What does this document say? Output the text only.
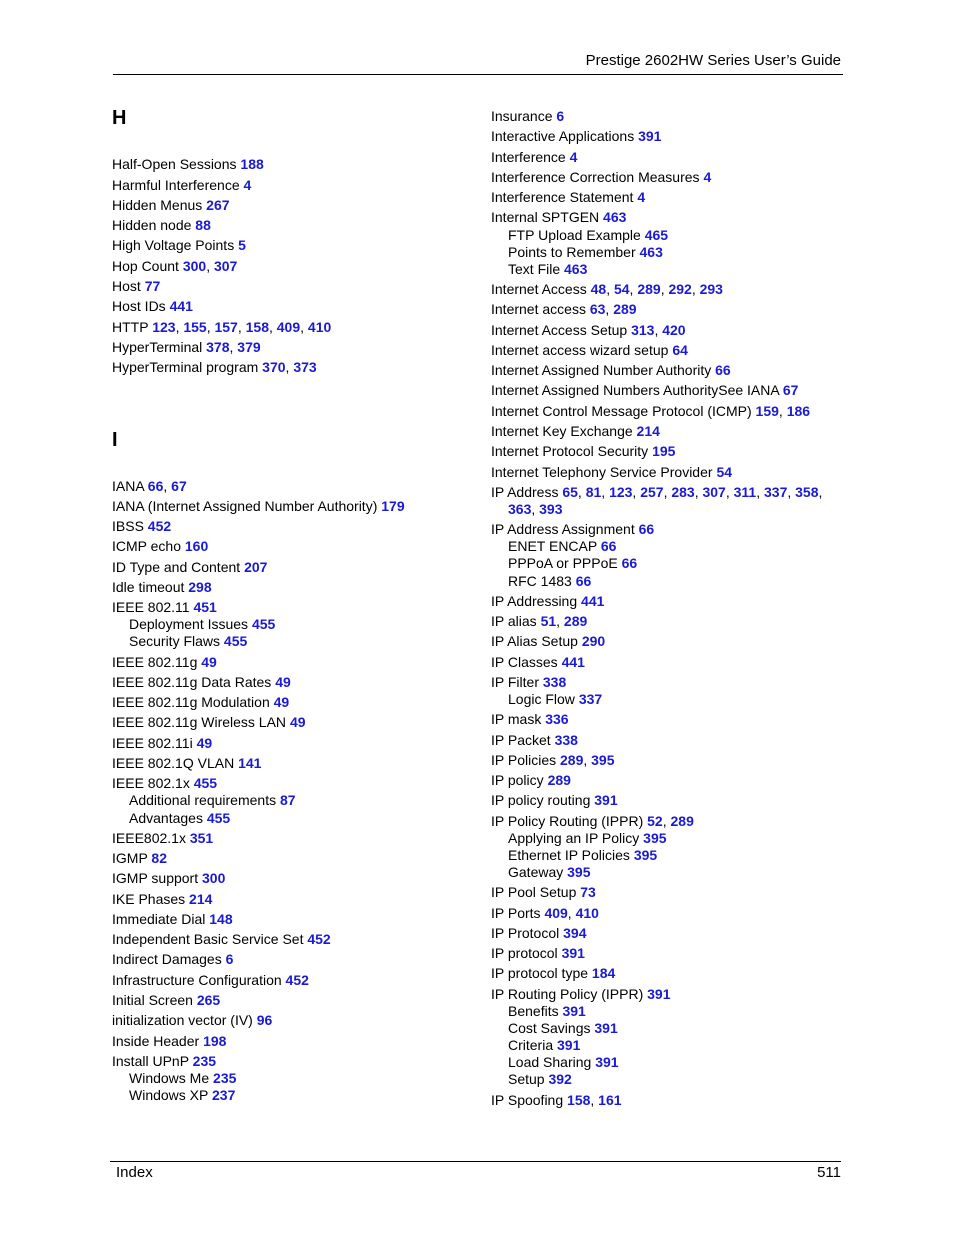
Prestige 2602HW Series User’s Guide
H
Half-Open Sessions 188
Harmful Interference 4
Hidden Menus 267
Hidden node 88
High Voltage Points 5
Hop Count 300, 307
Host 77
Host IDs 441
HTTP 123, 155, 157, 158, 409, 410
HyperTerminal 378, 379
HyperTerminal program 370, 373
I
IANA 66, 67
IANA (Internet Assigned Number Authority) 179
IBSS 452
ICMP echo 160
ID Type and Content 207
Idle timeout 298
IEEE 802.11 451
Deployment Issues 455
Security Flaws 455
IEEE 802.11g 49
IEEE 802.11g Data Rates 49
IEEE 802.11g Modulation 49
IEEE 802.11g Wireless LAN 49
IEEE 802.11i 49
IEEE 802.1Q VLAN 141
IEEE 802.1x 455
Additional requirements 87
Advantages 455
IEEE802.1x 351
IGMP 82
IGMP support 300
IKE Phases 214
Immediate Dial 148
Independent Basic Service Set 452
Indirect Damages 6
Infrastructure Configuration 452
Initial Screen 265
initialization vector (IV) 96
Inside Header 198
Install UPnP 235
Windows Me 235
Windows XP 237
Insurance 6
Interactive Applications 391
Interference 4
Interference Correction Measures 4
Interference Statement 4
Internal SPTGEN 463
FTP Upload Example 465
Points to Remember 463
Text File 463
Internet Access 48, 54, 289, 292, 293
Internet access 63, 289
Internet Access Setup 313, 420
Internet access wizard setup 64
Internet Assigned Number Authority 66
Internet Assigned Numbers AuthoritySee IANA 67
Internet Control Message Protocol (ICMP) 159, 186
Internet Key Exchange 214
Internet Protocol Security 195
Internet Telephony Service Provider 54
IP Address 65, 81, 123, 257, 283, 307, 311, 337, 358,
363, 393
IP Address Assignment 66
ENET ENCAP 66
PPPoA or PPPoE 66
RFC 1483 66
IP Addressing 441
IP alias 51, 289
IP Alias Setup 290
IP Classes 441
IP Filter 338
Logic Flow 337
IP mask 336
IP Packet 338
IP Policies 289, 395
IP policy 289
IP policy routing 391
IP Policy Routing (IPPR) 52, 289
Applying an IP Policy 395
Ethernet IP Policies 395
Gateway 395
IP Pool Setup 73
IP Ports 409, 410
IP Protocol 394
IP protocol 391
IP protocol type 184
IP Routing Policy (IPPR) 391
Benefits 391
Cost Savings 391
Criteria 391
Load Sharing 391
Setup 392
IP Spoofing 158, 161
Index	511
